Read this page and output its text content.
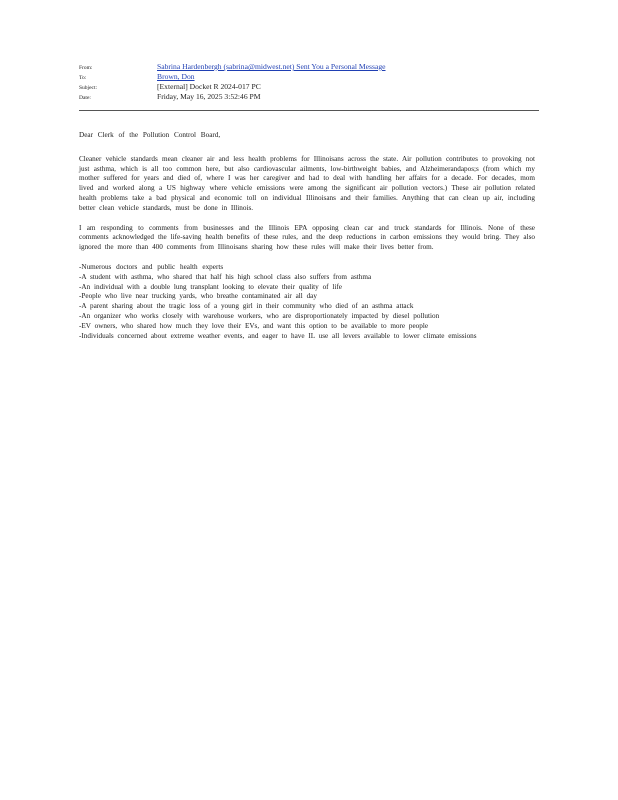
From:	Sabrina Hardenbergh (sabrina@midwest.net) Sent You a Personal Message
To:	Brown, Don
Subject:	[External] Docket R 2024-017 PC
Date:	Friday, May 16, 2025 3:52:46 PM

Dear Clerk of the Pollution Control Board,

Cleaner vehicle standards mean cleaner air and less health problems for Illinoisans across the state. Air pollution contributes to provoking not just asthma, which is all too common here, but also cardiovascular ailments, low-birthweight babies, and Alzheimerandapos;s (from which my mother suffered for years and died of, where I was her caregiver and had to deal with handling her affairs for a decade. For decades, mom lived and worked along a US highway where vehicle emissions were among the significant air pollution vectors.) These air pollution related health problems take a bad physical and economic toll on individual Illinoisans and their families. Anything that can clean up air, including better clean vehicle standards, must be done in Illinois.

I am responding to comments from businesses and the Illinois EPA opposing clean car and truck standards for Illinois. None of these comments acknowledged the life-saving health benefits of these rules, and the deep reductions in carbon emissions they would bring. They also ignored the more than 400 comments from Illinoisans sharing how these rules will make their lives better from.

-Numerous doctors and public health experts

-A student with asthma, who shared that half his high school class also suffers from asthma
-An individual with a double lung transplant looking to elevate their quality of life
-People who live near trucking yards, who breathe contaminated air all day
-A parent sharing about the tragic loss of a young girl in their community who died of an asthma attack
-An organizer who works closely with warehouse workers, who are disproportionately impacted by diesel pollution
-EV owners, who shared how much they love their EVs, and want this option to be available to more people
-Individuals concerned about extreme weather events, and eager to have IL use all levers available to lower climate emissions
